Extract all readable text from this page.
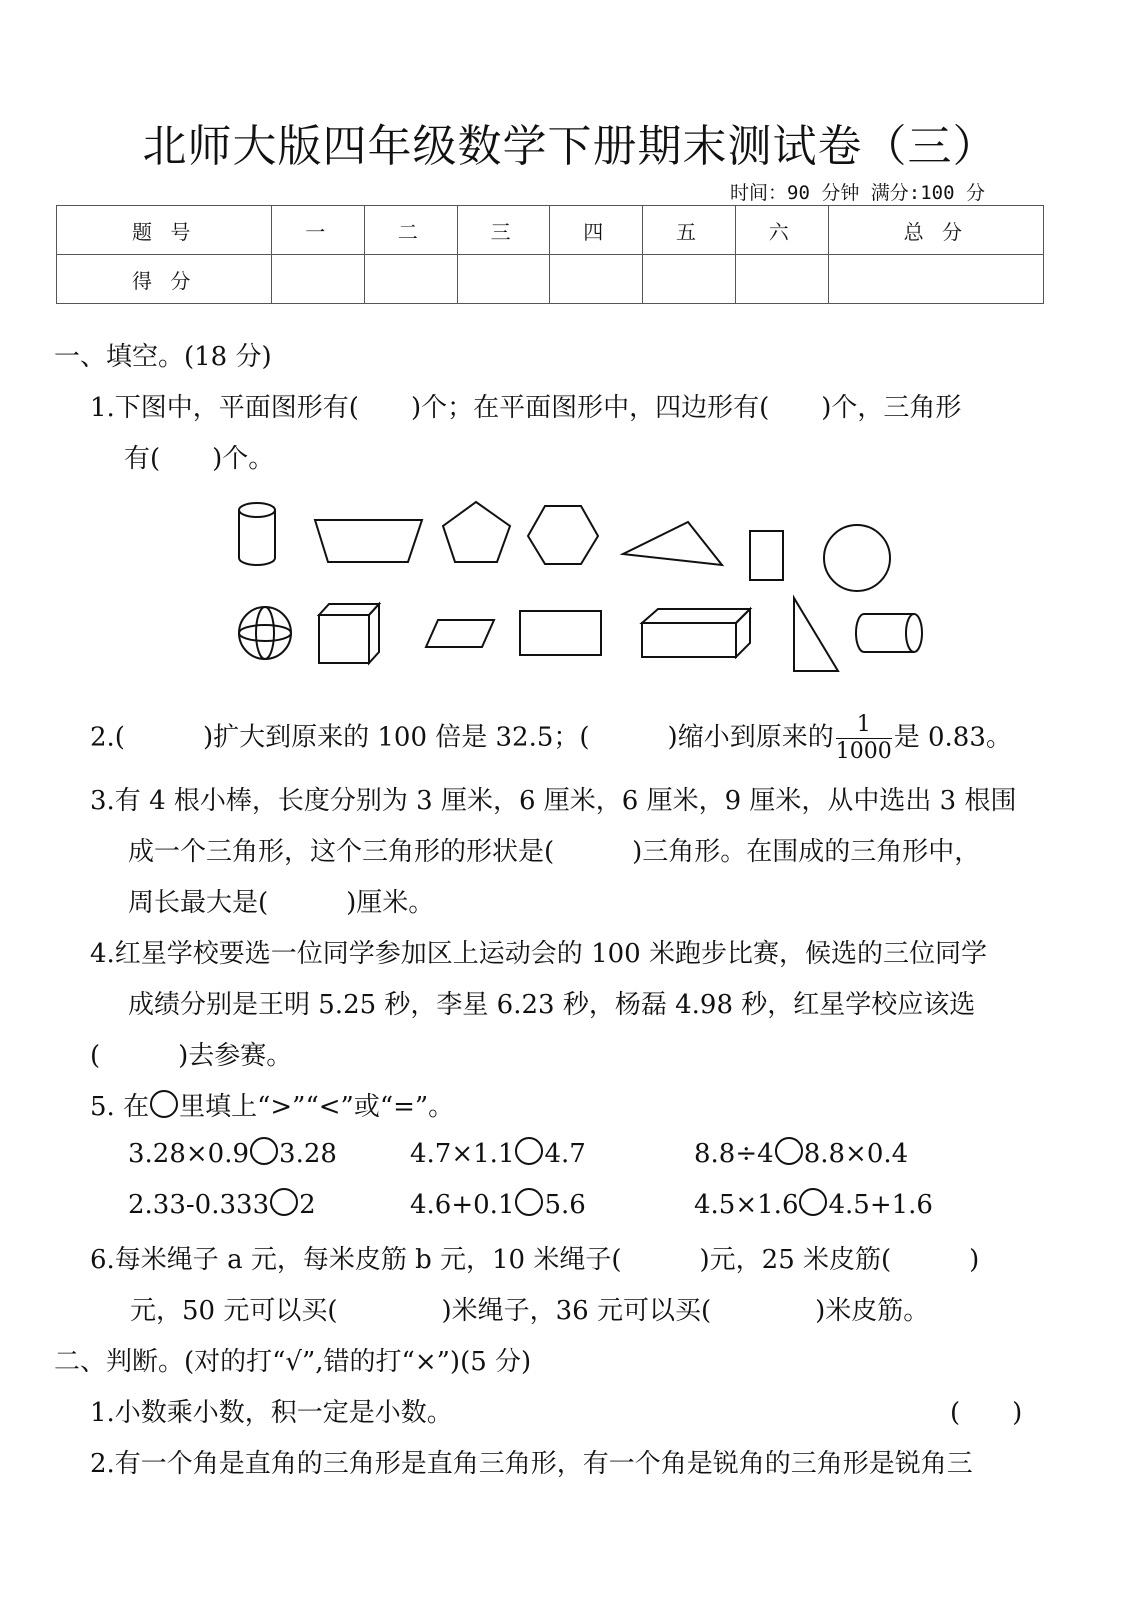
北师大版四年级数学下册期末测试卷（三）
时间：90 分钟 满分:100 分
题 号	一	二	三	四	五	六	总 分
得 分							
一、填空。(18 分)
1.下图中，平面图形有(　　)个；在平面图形中，四边形有(　　)个，三角形
有(　　)个。
2.(　　　)扩大到原来的 100 倍是 32.5；(　　　)缩小到原来的 $\frac{1}{1000}$ 是 0.83。
3.有 4 根小棒，长度分别为 3 厘米，6 厘米，6 厘米，9 厘米，从中选出 3 根围
成一个三角形，这个三角形的形状是(　　　)三角形。在围成的三角形中，
周长最大是(　　　)厘米。
4.红星学校要选一位同学参加区上运动会的 100 米跑步比赛，候选的三位同学
成绩分别是王明 5.25 秒，李星 6.23 秒，杨磊 4.98 秒，红星学校应该选
(　　　)去参赛。
5. 在 里填上“>”“<”或“=”。
3.28×0.9 3.28	4.7×1.1 4.7	8.8÷4 8.8×0.4
2.33-0.333 2	4.6+0.1 5.6	4.5×1.6 4.5+1.6
6.每米绳子 a 元，每米皮筋 b 元，10 米绳子(　　　)元，25 米皮筋(　　　)
元，50 元可以买(　　　　)米绳子，36 元可以买(　　　　)米皮筋。
二、判断。(对的打“√”,错的打“×”)(5 分)
1.小数乘小数，积一定是小数。	(　　)
2.有一个角是直角的三角形是直角三角形，有一个角是锐角的三角形是锐角三
